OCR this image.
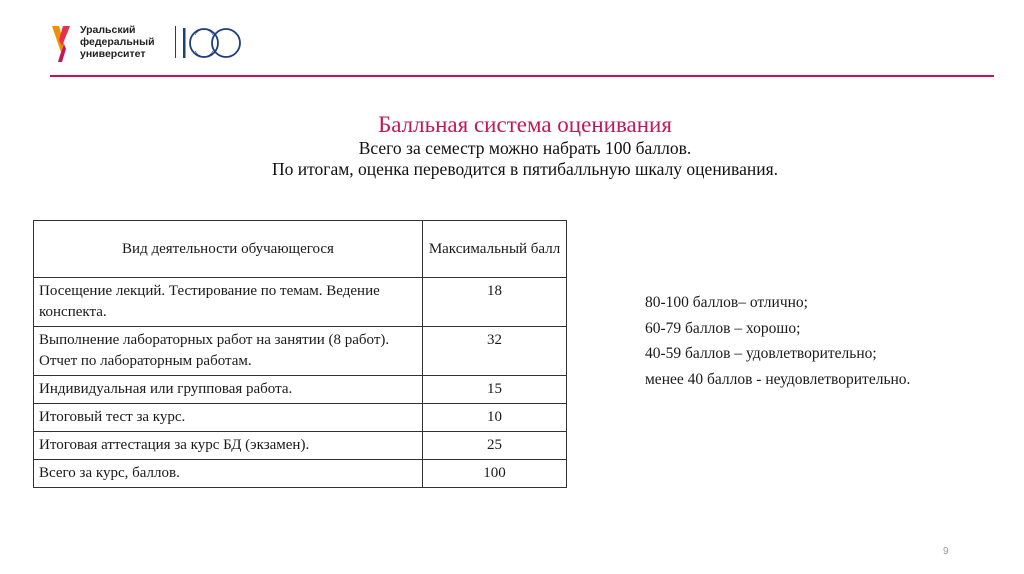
Уральский
федеральный
университет
Балльная система оценивания
Всего за семестр можно набрать 100 баллов.
По итогам, оценка переводится в пятибалльную шкалу оценивания.
Вид деятельности обучающегося	Максимальный балл
Посещение лекций. Тестирование по темам. Ведение конспекта.	18
Выполнение лабораторных работ на занятии (8 работ). Отчет по лабораторным работам.	32
Индивидуальная или групповая работа.	15
Итоговый тест за курс.	10
Итоговая аттестация за курс БД (экзамен).	25
Всего за курс, баллов.	100
80-100 баллов– отлично;
60-79 баллов – хорошо;
40-59 баллов – удовлетворительно;
менее 40 баллов - неудовлетворительно.
9
